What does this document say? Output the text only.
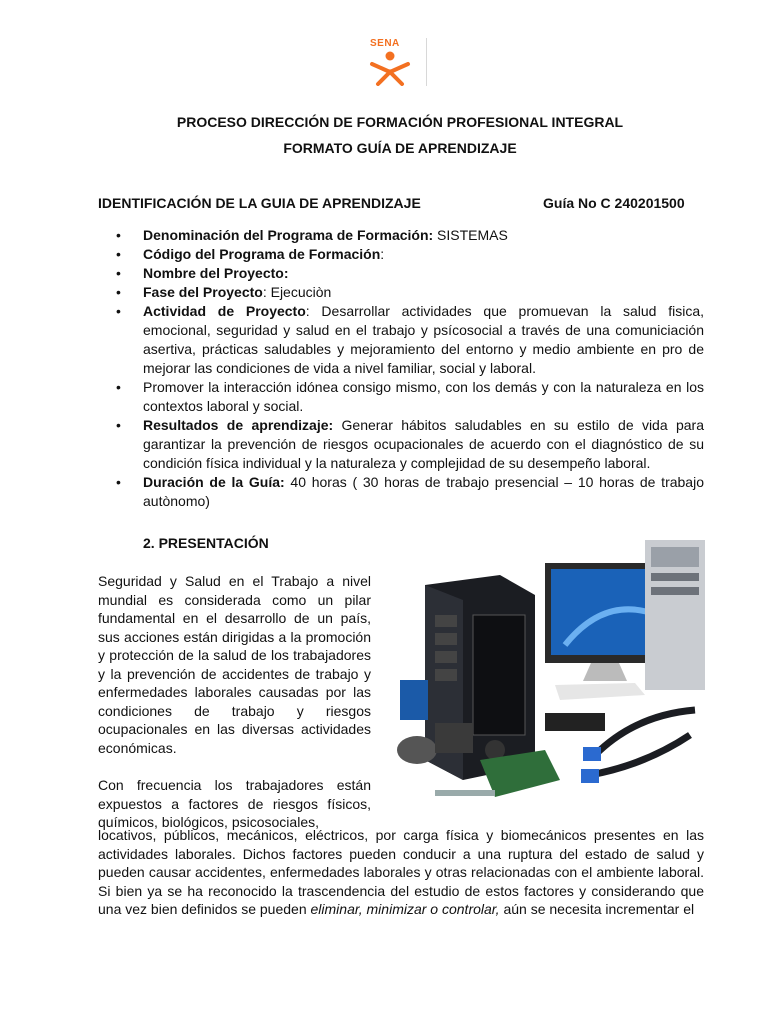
SENA
PROCESO DIRECCIÓN DE FORMACIÓN PROFESIONAL INTEGRAL
FORMATO GUÍA DE APRENDIZAJE
IDENTIFICACIÓN DE LA GUIA DE APRENDIZAJE	Guía No C 240201500
• Denominación del Programa de Formación: SISTEMAS
• Código del Programa de Formación:
• Nombre del Proyecto:
• Fase del Proyecto: Ejecuciòn
• Actividad de Proyecto: Desarrollar actividades que promuevan la salud fisica, emocional, seguridad y salud en el trabajo y psícosocial a través de una comuniciación asertiva, prácticas saludables y mejoramiento del entorno y medio ambiente en pro de mejorar las condiciones de vida a nivel familiar, social y laboral.
• Promover la interacción idónea consigo mismo, con los demás y con la naturaleza en los contextos laboral y social.
• Resultados de aprendizaje: Generar hábitos saludables en su estilo de vida para garantizar la prevención de riesgos ocupacionales de acuerdo con el diagnóstico de su condición física individual y la naturaleza y complejidad de su desempeño laboral.
• Duración de la Guía: 40 horas ( 30 horas de trabajo presencial – 10 horas de trabajo autònomo)
2. PRESENTACIÓN

Seguridad y Salud en el Trabajo a nivel mundial es considerada como un pilar fundamental en el desarrollo de un país, sus acciones están dirigidas a la promoción y protección de la salud de los trabajadores y la prevención de accidentes de trabajo y enfermedades laborales causadas por las condiciones de trabajo y riesgos ocupacionales en las diversas actividades económicas.

Con frecuencia los trabajadores están expuestos a factores de riesgos físicos, químicos, biológicos, psicosociales,

locativos, públicos, mecánicos, eléctricos, por carga física y biomecánicos presentes en las actividades laborales. Dichos factores pueden conducir a una ruptura del estado de salud y pueden causar accidentes, enfermedades laborales y otras relacionadas con el ambiente laboral. Si bien ya se ha reconocido la trascendencia del estudio de estos factores y considerando que una vez bien definidos se pueden eliminar, minimizar o controlar, aún se necesita incrementar el
